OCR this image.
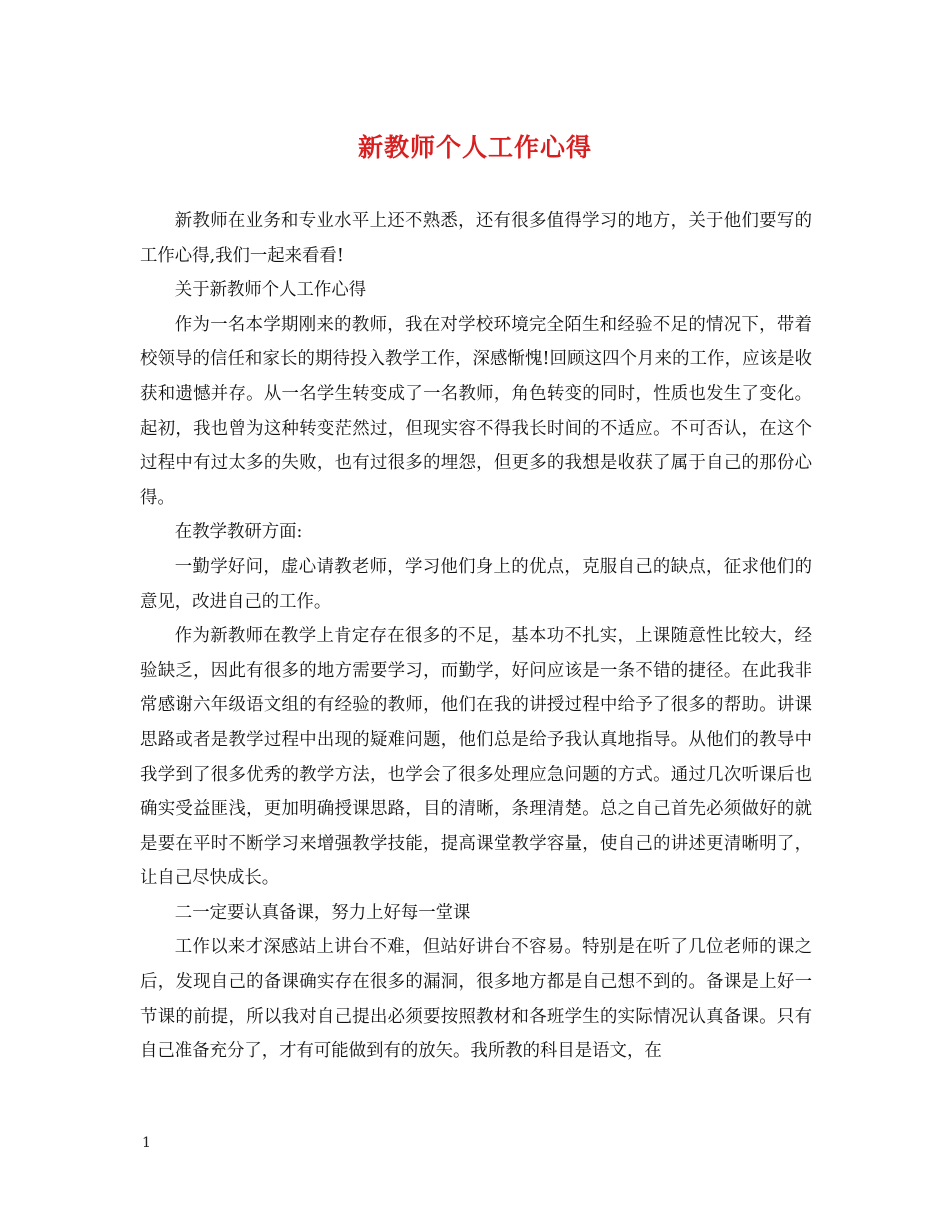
新教师个人工作心得

新教师在业务和专业水平上还不熟悉，还有很多值得学习的地方，关于他们要写的工作心得,我们一起来看看!

关于新教师个人工作心得

作为一名本学期刚来的教师，我在对学校环境完全陌生和经验不足的情况下，带着校领导的信任和家长的期待投入教学工作，深感惭愧!回顾这四个月来的工作，应该是收获和遗憾并存。从一名学生转变成了一名教师，角色转变的同时，性质也发生了变化。起初，我也曾为这种转变茫然过，但现实容不得我长时间的不适应。不可否认，在这个过程中有过太多的失败，也有过很多的埋怨，但更多的我想是收获了属于自己的那份心得。

在教学教研方面:

一勤学好问，虚心请教老师，学习他们身上的优点，克服自己的缺点，征求他们的意见，改进自己的工作。

作为新教师在教学上肯定存在很多的不足，基本功不扎实，上课随意性比较大，经验缺乏，因此有很多的地方需要学习，而勤学，好问应该是一条不错的捷径。在此我非常感谢六年级语文组的有经验的教师，他们在我的讲授过程中给予了很多的帮助。讲课思路或者是教学过程中出现的疑难问题，他们总是给予我认真地指导。从他们的教导中我学到了很多优秀的教学方法，也学会了很多处理应急问题的方式。通过几次听课后也确实受益匪浅，更加明确授课思路，目的清晰，条理清楚。总之自己首先必须做好的就是要在平时不断学习来增强教学技能，提高课堂教学容量，使自己的讲述更清晰明了，让自己尽快成长。

二一定要认真备课，努力上好每一堂课

工作以来才深感站上讲台不难，但站好讲台不容易。特别是在听了几位老师的课之后，发现自己的备课确实存在很多的漏洞，很多地方都是自己想不到的。备课是上好一节课的前提，所以我对自己提出必须要按照教材和各班学生的实际情况认真备课。只有自己准备充分了，才有可能做到有的放矢。我所教的科目是语文，在

1
